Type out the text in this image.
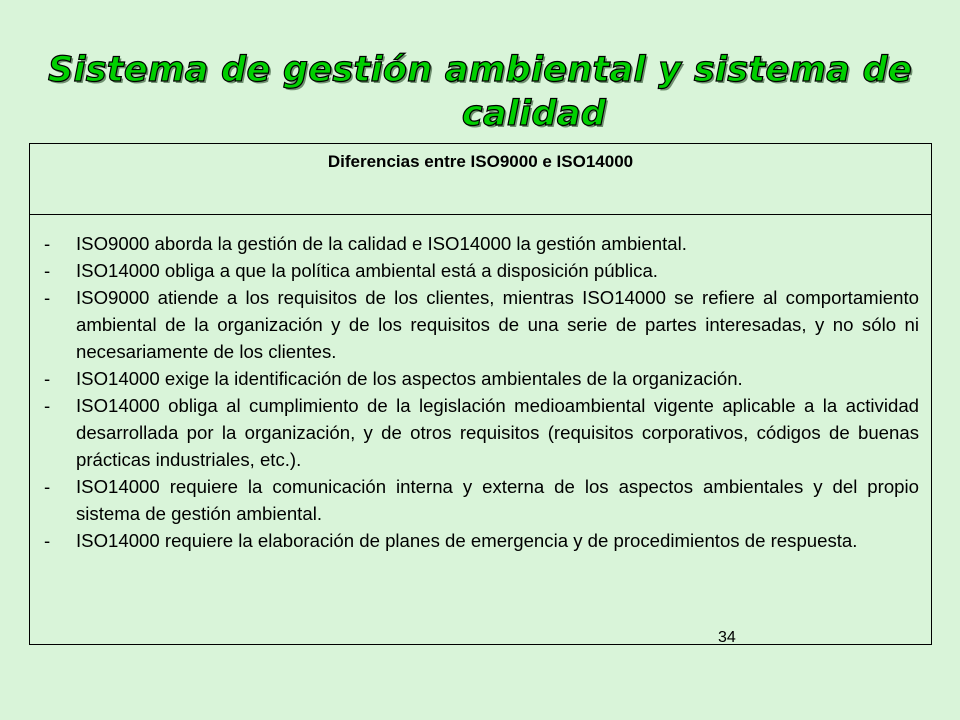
Sistema de gestión ambiental y sistema de
calidad
Diferencias entre ISO9000 e ISO14000
-	ISO9000 aborda la gestión de la calidad e ISO14000 la gestión ambiental.
-	ISO14000 obliga a que la política ambiental está a disposición pública.
-	ISO9000 atiende a los requisitos de los clientes, mientras ISO14000 se refiere al comportamiento ambiental de la organización y de los requisitos de una serie de partes interesadas, y no sólo ni necesariamente de los clientes.
-	ISO14000 exige la identificación de los aspectos ambientales de la organización.
-	ISO14000 obliga al cumplimiento de la legislación medioambiental vigente aplicable a la actividad desarrollada por la organización, y de otros requisitos (requisitos corporativos, códigos de buenas prácticas industriales, etc.).
-	ISO14000 requiere la comunicación interna y externa de los aspectos ambientales y del propio sistema de gestión ambiental.
-	ISO14000 requiere la elaboración de planes de emergencia y de procedimientos de respuesta.
34
